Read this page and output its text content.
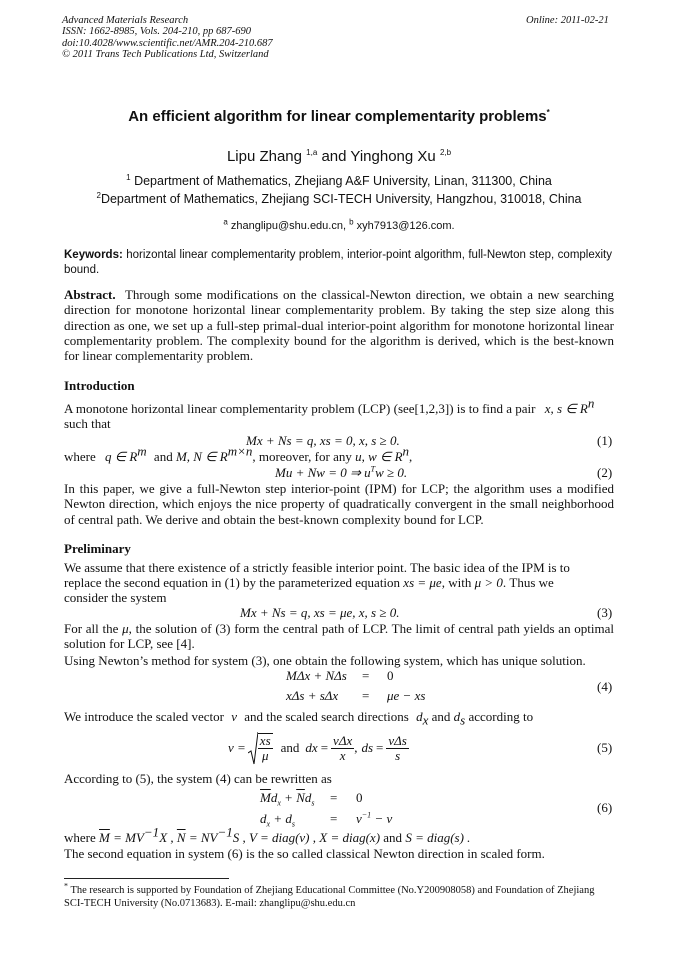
Advanced Materials Research
ISSN: 1662-8985, Vols. 204-210, pp 687-690
doi:10.4028/www.scientific.net/AMR.204-210.687
© 2011 Trans Tech Publications Ltd, Switzerland
Online: 2011-02-21
An efficient algorithm for linear complementarity problems*
Lipu Zhang $^{1,a}$ and Yinghong Xu $^{2,b}$
$^1$ Department of Mathematics, Zhejiang A&F University, Linan, 311300, China
$^2$Department of Mathematics, Zhejiang SCI-TECH University, Hangzhou, 310018, China
$^a$ zhanglipu@shu.edu.cn, $^b$ xyh7913@126.com.
Keywords: horizontal linear complementarity problem, interior-point algorithm, full-Newton step, complexity bound.
Abstract. Through some modifications on the classical-Newton direction, we obtain a new searching direction for monotone horizontal linear complementarity problem. By taking the step size along this direction as one, we set up a full-step primal-dual interior-point algorithm for monotone horizontal linear complementarity problem. The complexity bound for the algorithm is derived, which is the best-known for linear complementarity problem.
Introduction
A monotone horizontal linear complementarity problem (LCP) (see[1,2,3]) is to find a pair x, s ∈ $R^n$
such that
Mx + Ns = q, xs = 0, x, s ≥ 0.	(1)
where q ∈ $R^m$ and M, N ∈ $R^{m\times n}$, moreover, for any u, w ∈ $R^n$,
Mu + Nw = 0 ⇒ $u^Tw \ge 0$.	(2)
In this paper, we give a full-Newton step interior-point (IPM) for LCP; the algorithm uses a modified Newton direction, which enjoys the nice property of quadratically convergent in the small neighborhood of central path. We derive and obtain the best-known complexity bound for LCP.
Preliminary
We assume that there existence of a strictly feasible interior point. The basic idea of the IPM is to
replace the second equation in (1) by the parameterized equation xs = μe, with μ > 0. Thus we
consider the system
Mx + Ns = q, xs = μe, x, s ≥ 0.	(3)
For all the μ, the solution of (3) form the central path of LCP. The limit of central path yields an optimal solution for LCP, see [4].
Using Newton’s method for system (3), one obtain the following system, which has unique solution.
MΔx + NΔs = 0
xΔs + sΔx = μe − xs
(4)
We introduce the scaled vector v and the scaled search directions $d_x$ and $d_s$ according to
$v = \frac{xs}{\mu}$ and d $x = \frac{\text{vΔx}}{x}$ , d $s = \frac{\text{vΔs}}{s}$	(5)
According to (5), the system (4) can be rewritten as
$\overline{M}d_x + \overline{N}d_s = 0$
$d_x + d_s$	= $v^{-1} - v$
(6)
where $\overline{M} = MV^{-1}X$ , $\overline{N} = NV^{-1}S$ , V = diag(v) , X = diag(x) and S = diag(s) .
The second equation in system (6) is the so called classical Newton direction in scaled form.
* The research is supported by Foundation of Zhejiang Educational Committee (No.Y200908058) and Foundation of Zhejiang SCI-TECH University (No.0713683). E-mail: zhanglipu@shu.edu.cn
